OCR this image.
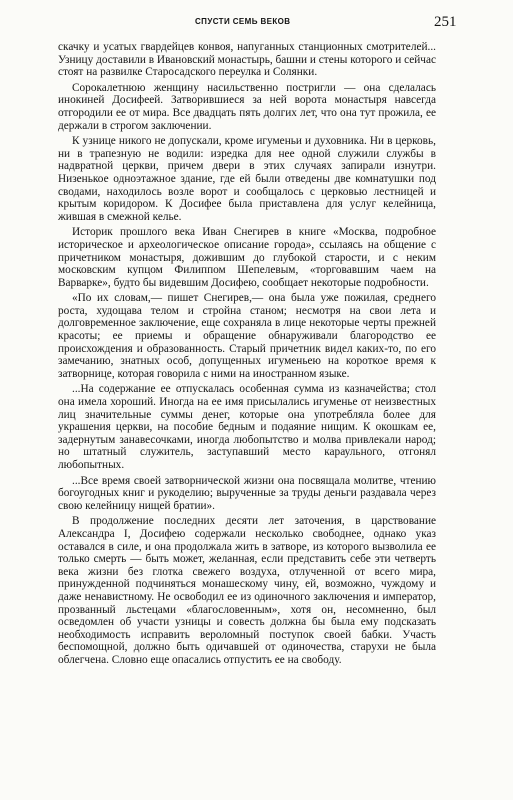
СПУСТИ СЕМЬ ВЕКОВ	251

скачку и усатых гвардейцев конвоя, напуганных станционных смотрителей... Узницу доставили в Ивановский монастырь, башни и стены которого и сейчас стоят на развилке Старосадского переулка и Солянки.

Сорокалетнюю женщину насильственно постригли — она сделалась инокиней Досифеей. Затворившиеся за ней ворота монастыря навсегда отгородили ее от мира. Все двадцать пять долгих лет, что она тут прожила, ее держали в строгом заключении.

К узнице никого не допускали, кроме игуменьи и духовника. Ни в церковь, ни в трапезную не водили: изредка для нее одной служили службы в надвратной церкви, причем двери в этих случаях запирали изнутри. Низенькое одноэтажное здание, где ей были отведены две комнатушки под сводами, находилось возле ворот и сообщалось с церковью лестницей и крытым коридором. К Досифее была приставлена для услуг келейница, жившая в смежной келье.

Историк прошлого века Иван Снегирев в книге «Москва, подробное историческое и археологическое описание города», ссылаясь на общение с причетником монастыря, дожившим до глубокой старости, и с неким московским купцом Филиппом Шепелевым, «торговавшим чаем на Варварке», будто бы видевшим Досифею, сообщает некоторые подробности.

«По их словам,— пишет Снегирев,— она была уже пожилая, среднего роста, худощава телом и стройна станом; несмотря на свои лета и долговременное заключение, еще сохранялa в лице некоторые черты прежней красоты; ее приемы и обращение обнаруживали благородство ее происхождения и образованность. Старый причетник видел каких-то, по его замечанию, знатных особ, допущенных игуменьею на короткое время к затворнице, которая говорила с ними на иностранном языке.

...На содержание ее отпускалась особенная сумма из казначейства; стол она имела хороший. Иногда на ее имя присылались игуменье от неизвестных лиц значительные суммы денег, которые она употребляла более для украшения церкви, на пособие бедным и подаяние нищим. К окошкам ее, задернутым занавесочками, иногда любопытство и молва привлекали народ; но штатный служитель, заступавший место караульного, отгонял любопытных.

...Все время своей затворнической жизни она посвящала молитве, чтению богоугодных книг и рукоделию; вырученные за труды деньги раздавала через свою келейницу нищей братии».

В продолжение последних десяти лет заточения, в царствование Александра I, Досифею содержали несколько свободнее, однако указ оставался в силе, и она продолжала жить в затворе, из которого вызволила ее только смерть — быть может, желанная, если представить себе эти четверть века жизни без глотка свежего воздуха, отлученной от всего мира, принужденной подчиняться монашескому чину, ей, возможно, чуждому и даже ненавистному. Не освободил ее из одиночного заключения и император, прозванный льстецами «благословенным», хотя он, несомненно, был осведомлен об участи узницы и совесть должна бы была ему подсказать необходимость исправить вероломный поступок своей бабки. Участь беспомощной, должно быть одичавшей от одиночества, старухи не была облегчена. Словно еще опасались отпустить ее на свободу.
